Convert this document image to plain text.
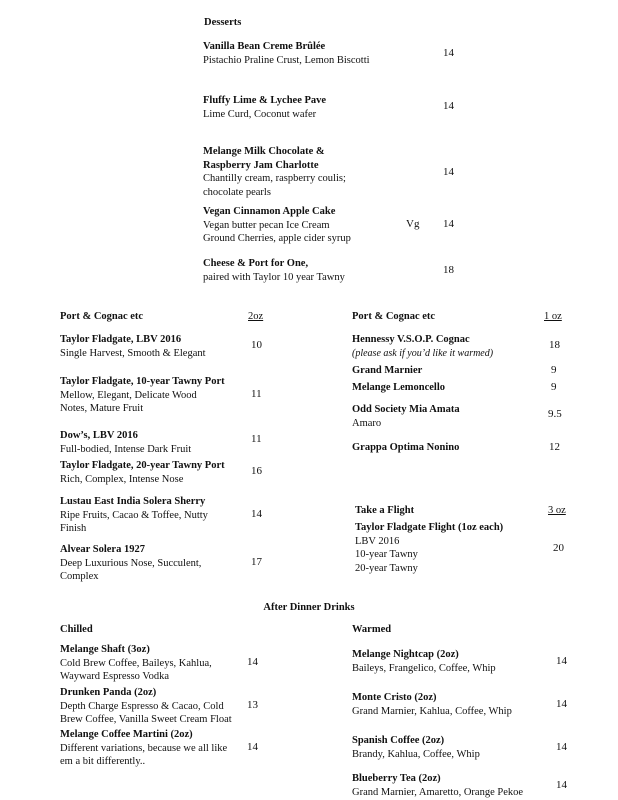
Desserts
Vanilla Bean Creme Brûlée
Pistachio Praline Crust, Lemon Biscotti
14
Fluffy Lime & Lychee Pave
Lime Curd, Coconut wafer
14
Melange Milk Chocolate &
Raspberry Jam Charlotte
Chantilly cream, raspberry coulis;
chocolate pearls
14
Vegan Cinnamon Apple Cake
Vegan butter pecan Ice Cream
Ground Cherries, apple cider syrup
Vg 14
Cheese & Port for One,
paired with Taylor 10 year Tawny
18
Port & Cognac etc	2oz
Taylor Fladgate, LBV 2016
Single Harvest, Smooth & Elegant
10
Taylor Fladgate, 10-year Tawny Port
Mellow, Elegant, Delicate Wood
Notes, Mature Fruit
11
Dow’s, LBV 2016
Full-bodied, Intense Dark Fruit
11
Taylor Fladgate, 20-year Tawny Port
Rich, Complex, Intense Nose
16
Lustau East India Solera Sherry
Ripe Fruits, Cacao & Toffee, Nutty
Finish
14
Alvear Solera 1927
Deep Luxurious Nose, Succulent,
Complex
17
Port & Cognac etc	1 oz
Hennessy V.S.O.P. Cognac
(please ask if you’d like it warmed)
18
Grand Marnier	9
Melange Lemoncello	9
Odd Society Mia Amata
Amaro
9.5
Grappa Optima Nonino	12
Take a Flight	3 oz
Taylor Fladgate Flight (1oz each)
LBV 2016
10-year Tawny
20-year Tawny
20
After Dinner Drinks
Chilled	Warmed
Melange Shaft (3oz)
Cold Brew Coffee, Baileys, Kahlua,
Wayward Espresso Vodka
14
Drunken Panda (2oz)
Depth Charge Espresso & Cacao, Cold
Brew Coffee, Vanilla Sweet Cream Float
13
Melange Coffee Martini (2oz)
Different variations, because we all like
em a bit differently..
14
Melange Nightcap (2oz)
Baileys, Frangelico, Coffee, Whip
14
Monte Cristo (2oz)
Grand Marnier, Kahlua, Coffee, Whip
14
Spanish Coffee (2oz)
Brandy, Kahlua, Coffee, Whip
14
Blueberry Tea (2oz)
Grand Marnier, Amaretto, Orange Pekoe
14
